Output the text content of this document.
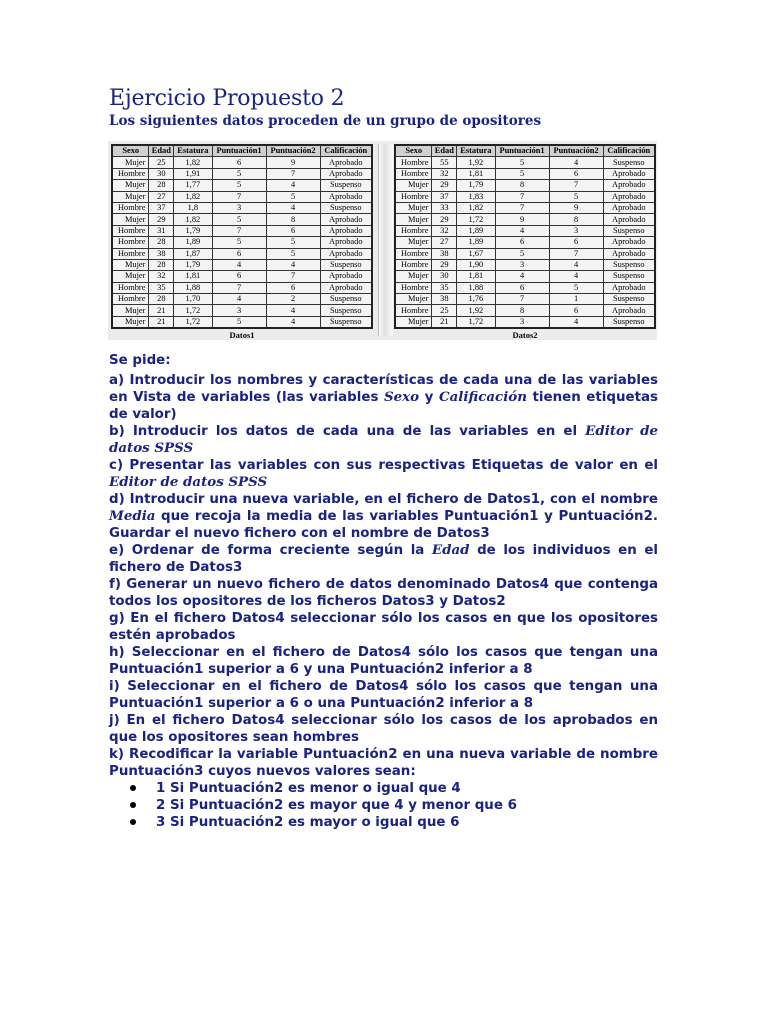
Ejercicio Propuesto 2
Los siguientes datos proceden de un grupo de opositores
Sexo	Edad	Estatura	Puntuación1	Puntuación2	Calificación
Mujer	25	1,82	6	9	Aprobado
Hombre	30	1,91	5	7	Aprobado
Mujer	28	1,77	5	4	Suspenso
Mujer	27	1,82	7	5	Aprobado
Hombre	37	1,8	3	4	Suspenso
Mujer	29	1,82	5	8	Aprobado
Hombre	31	1,79	7	6	Aprobado
Hombre	28	1,89	5	5	Aprobado
Hombre	38	1,87	6	5	Aprobado
Mujer	28	1,79	4	4	Suspenso
Mujer	32	1,81	6	7	Aprobado
Hombre	35	1,88	7	6	Aprobado
Hombre	28	1,70	4	2	Suspenso
Mujer	21	1,72	3	4	Suspenso
Mujer	21	1,72	5	4	Suspenso
Datos1
Sexo	Edad	Estatura	Puntuación1	Puntuación2	Calificación
Hombre	55	1,92	5	4	Suspenso
Hombre	32	1,81	5	6	Aprobado
Mujer	29	1,79	8	7	Aprobado
Hombre	37	1,83	7	5	Aprobado
Mujer	33	1,82	7	9	Aprobado
Mujer	29	1,72	9	8	Aprobado
Hombre	32	1,89	4	3	Suspenso
Mujer	27	1,89	6	6	Aprobado
Hombre	38	1,67	5	7	Aprobado
Hombre	29	1,90	3	4	Suspenso
Mujer	30	1,81	4	4	Suspenso
Hombre	35	1,88	6	5	Aprobado
Mujer	38	1,76	7	1	Suspenso
Hombre	25	1,92	8	6	Aprobado
Mujer	21	1,72	3	4	Suspenso
Datos2

Se pide:

a) Introducir los nombres y características de cada una de las variables en Vista de variables (las variables Sexo y Calificación tienen etiquetas de valor)

b) Introducir los datos de cada una de las variables en el Editor de datos SPSS

c) Presentar las variables con sus respectivas Etiquetas de valor en el Editor de datos SPSS

d) Introducir una nueva variable, en el fichero de Datos1, con el nombre Media que recoja la media de las variables Puntuación1 y Puntuación2. Guardar el nuevo fichero con el nombre de Datos3

e) Ordenar de forma creciente según la Edad de los individuos en el fichero de Datos3

f) Generar un nuevo fichero de datos denominado Datos4 que contenga todos los opositores de los ficheros Datos3 y Datos2

g) En el fichero Datos4 seleccionar sólo los casos en que los opositores estén aprobados

h) Seleccionar en el fichero de Datos4 sólo los casos que tengan una Puntuación1 superior a 6 y una Puntuación2 inferior a 8

i) Seleccionar en el fichero de Datos4 sólo los casos que tengan una Puntuación1 superior a 6 o una Puntuación2 inferior a 8

j) En el fichero Datos4 seleccionar sólo los casos de los aprobados en que los opositores sean hombres

k) Recodificar la variable Puntuación2 en una nueva variable de nombre Puntuación3 cuyos nuevos valores sean:

1 Si Puntuación2 es menor o igual que 4
2 Si Puntuación2 es mayor que 4 y menor que 6
3 Si Puntuación2 es mayor o igual que 6
